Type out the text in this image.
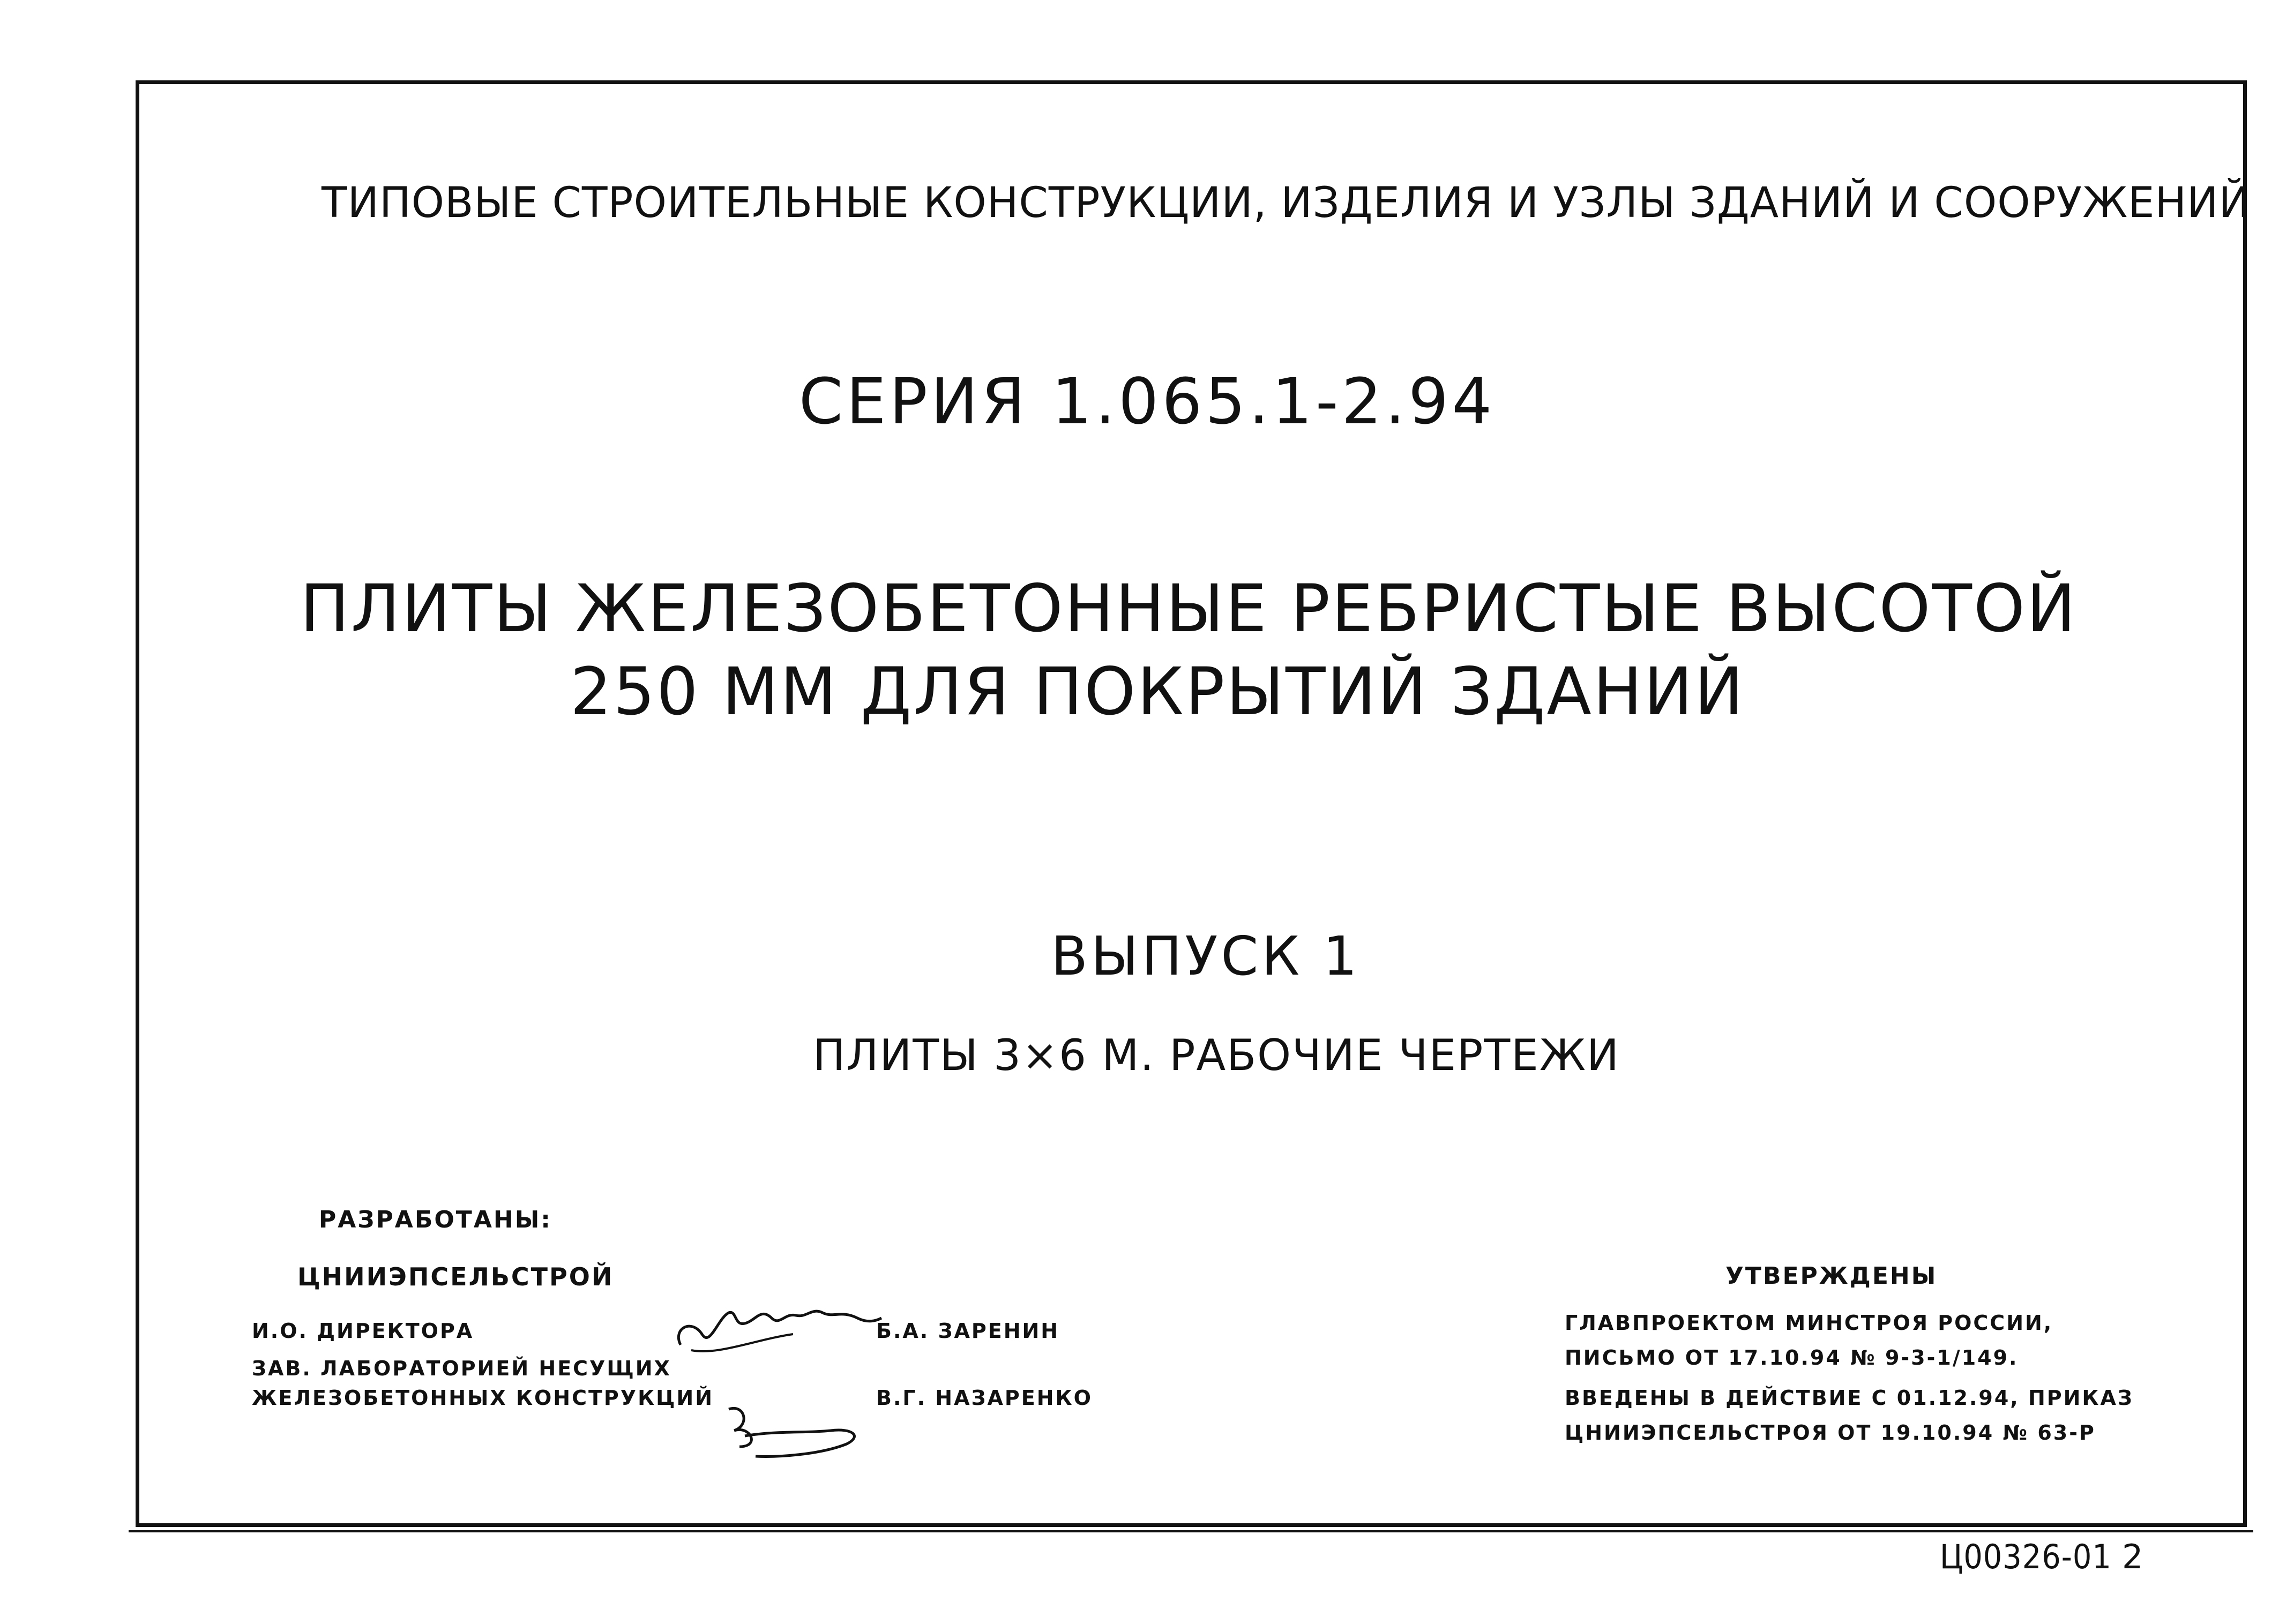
ТИПОВЫЕ СТРОИТЕЛЬНЫЕ КОНСТРУКЦИИ, ИЗДЕЛИЯ И УЗЛЫ ЗДАНИЙ И СООРУЖЕНИЙ
СЕРИЯ 1.065.1-2.94
ПЛИТЫ ЖЕЛЕЗОБЕТОННЫЕ РЕБРИСТЫЕ ВЫСОТОЙ
250 ММ ДЛЯ ПОКРЫТИЙ ЗДАНИЙ
ВЫПУСК 1
ПЛИТЫ 3×6 М. РАБОЧИЕ ЧЕРТЕЖИ
РАЗРАБОТАНЫ:
ЦНИИЭПСЕЛЬСТРОЙ
И.О. ДИРЕКТОРА
ЗАВ. ЛАБОРАТОРИЕЙ НЕСУЩИХ
ЖЕЛЕЗОБЕТОННЫХ КОНСТРУКЦИЙ
Б.А. ЗАРЕНИН
В.Г. НАЗАРЕНКО
УТВЕРЖДЕНЫ
ГЛАВПРОЕКТОМ МИНСТРОЯ РОССИИ,
ПИСЬМО ОТ 17.10.94 № 9-3-1/149.
ВВЕДЕНЫ В ДЕЙСТВИЕ С 01.12.94, ПРИКАЗ
ЦНИИЭПСЕЛЬСТРОЯ ОТ 19.10.94 № 63-Р
Ц00326-01 2
